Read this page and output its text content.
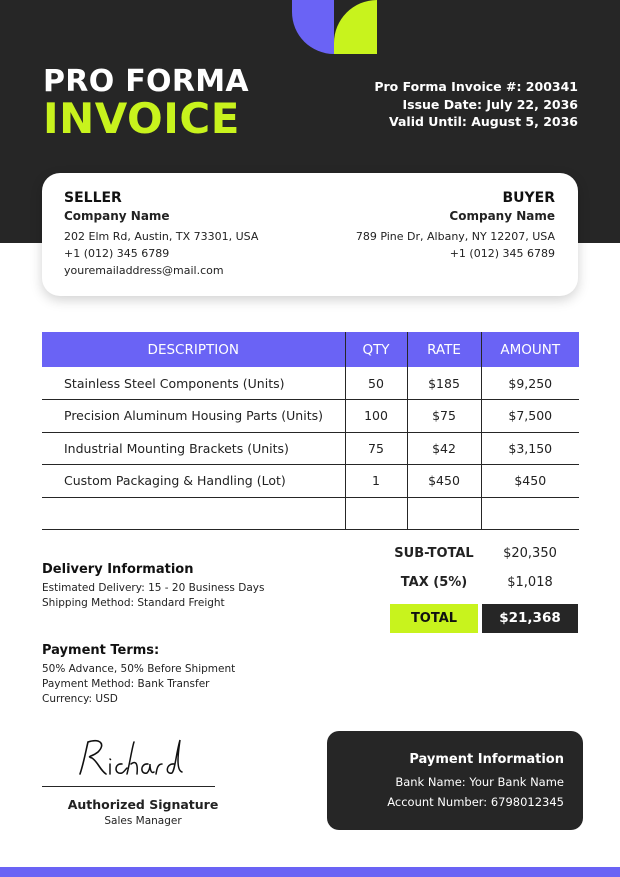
PRO FORMA
INVOICE
Pro Forma Invoice #: 200341
Issue Date: July 22, 2036
Valid Until: August 5, 2036
SELLER
Company Name
202 Elm Rd, Austin, TX 73301, USA
+1 (012) 345 6789
youremailaddress@mail.com
BUYER
Company Name
789 Pine Dr, Albany, NY 12207, USA
+1 (012) 345 6789
DESCRIPTION	QTY	RATE	AMOUNT
Stainless Steel Components (Units)	50	$185	$9,250
Precision Aluminum Housing Parts (Units)	100	$75	$7,500
Industrial Mounting Brackets (Units)	75	$42	$3,150
Custom Packaging & Handling (Lot)	1	$450	$450

SUB-TOTAL	$20,350
TAX (5%)	$1,018
TOTAL	$21,368
Delivery Information
Estimated Delivery: 15 - 20 Business Days
Shipping Method: Standard Freight
Payment Terms:
50% Advance, 50% Before Shipment
Payment Method: Bank Transfer
Currency: USD
Authorized Signature
Sales Manager
Payment Information
Bank Name: Your Bank Name
Account Number: 6798012345
